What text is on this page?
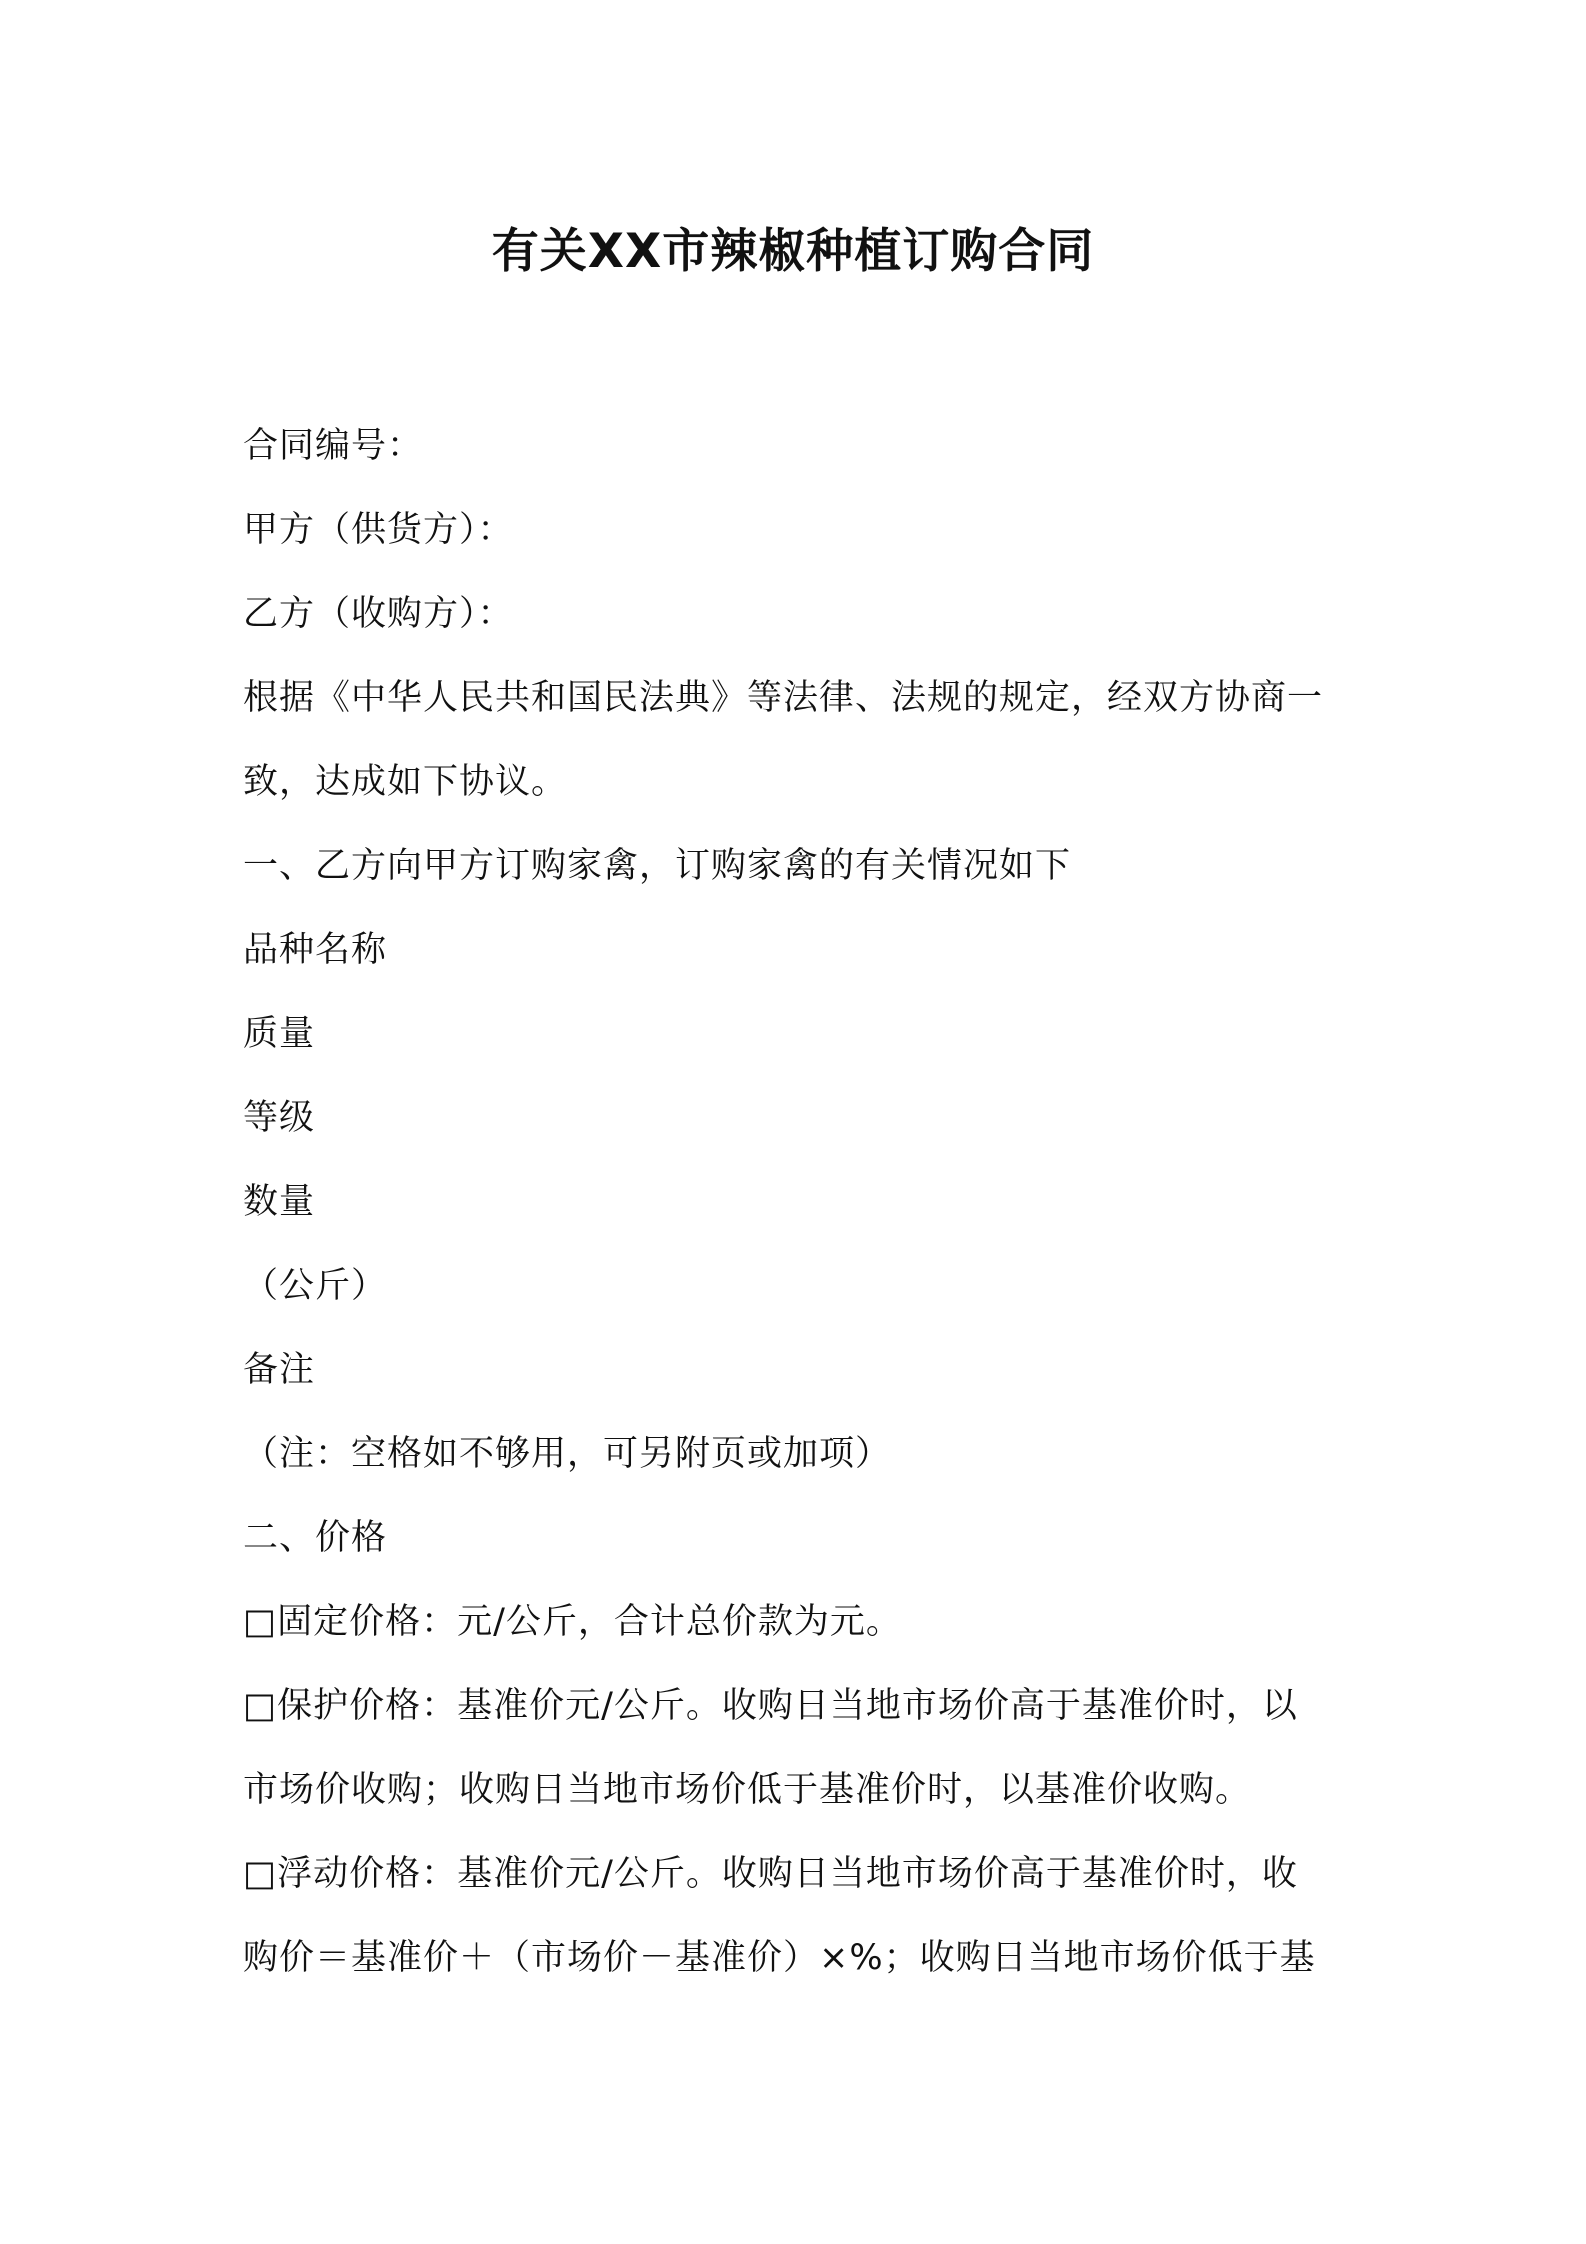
有关XX市辣椒种植订购合同
合同编号：
甲方（供货方）：
乙方（收购方）：
根据《中华人民共和国民法典》等法律、法规的规定，经双方协商一
致，达成如下协议。
一、乙方向甲方订购家禽，订购家禽的有关情况如下
品种名称
质量
等级
数量
（公斤）
备注
（注：空格如不够用，可另附页或加项）
二、价格
□固定价格：元/公斤，合计总价款为元。
□保护价格：基准价元/公斤。收购日当地市场价高于基准价时，以
市场价收购；收购日当地市场价低于基准价时，以基准价收购。
□浮动价格：基准价元/公斤。收购日当地市场价高于基准价时，收
购价＝基准价＋（市场价－基准价）×%；收购日当地市场价低于基
